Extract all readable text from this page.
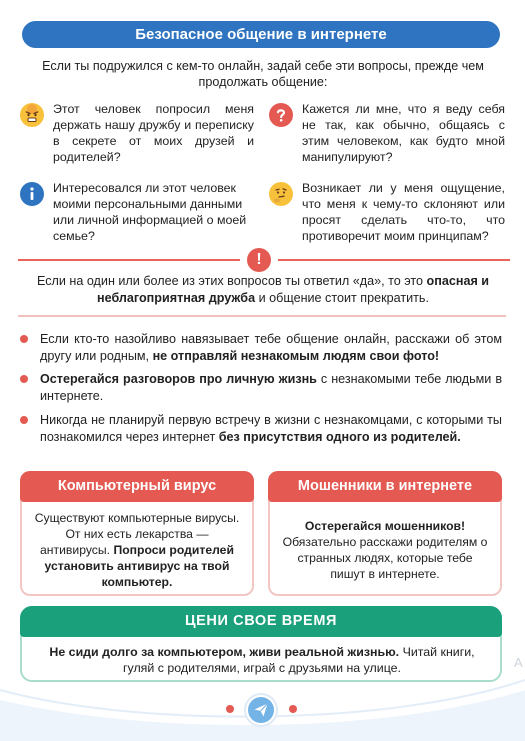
Безопасное общение в интернете
Если ты подружился с кем-то онлайн, задай себе эти вопросы, прежде чем продолжать общение:
Этот человек попросил меня держать нашу дружбу и переписку в секрете от моих друзей и родителей?
Кажется ли мне, что я веду себя не так, как обычно, общаясь с этим человеком, как будто мной манипулируют?
Интересовался ли этот человек моими персональными данными или личной информацией о моей семье?
Возникает ли у меня ощущение, что меня к чему-то склоняют или просят сделать что-то, что противоречит моим принципам?
!
Если на один или более из этих вопросов ты ответил «да», то это опасная и неблагоприятная дружба и общение стоит прекратить.
Если кто-то назойливо навязывает тебе общение онлайн, расскажи об этом другу или родным, не отправляй незнакомым людям свои фото!
Остерегайся разговоров про личную жизнь с незнакомыми тебе людьми в интернете.
Никогда не планируй первую встречу в жизни с незнакомцами, с которыми ты познакомился через интернет без присутствия одного из родителей.
Компьютерный вирус
Существуют компьютерные вирусы. От них есть лекарства — антивирусы. Попроси родителей установить антивирус на твой компьютер.
Мошенники в интернете
Остерегайся мошенников! Обязательно расскажи родителям о странных людях, которые тебе пишут в интернете.
ЦЕНИ СВОЕ ВРЕМЯ
Не сиди долго за компьютером, живи реальной жизнью. Читай книги, гуляй с родителями, играй с друзьями на улице.	А
